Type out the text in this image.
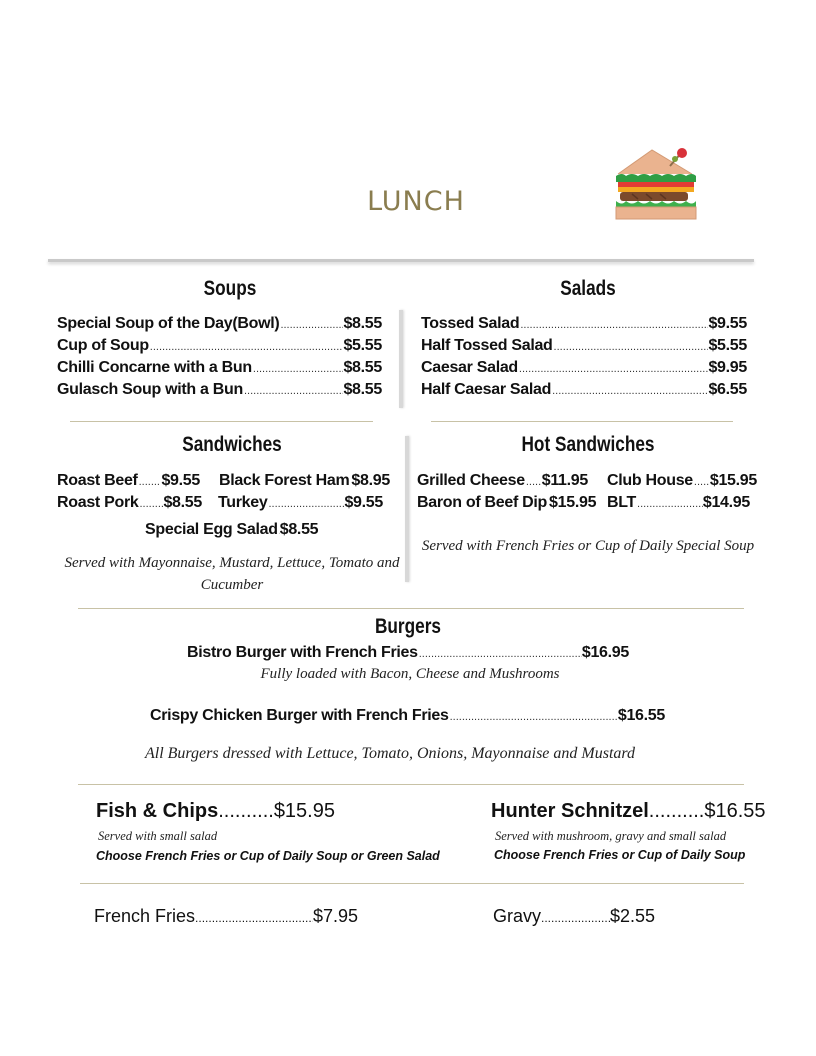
LUNCH
Soups
Special Soup of the Day(Bowl) .....	$8.55
Cup of Soup .....	$5.55
Chilli Concarne with a Bun .....	$8.55
Gulasch Soup with a Bun .....	$8.55
Salads
Tossed Salad .....	$9.55
Half Tossed Salad .....	$5.55
Caesar Salad .....	$9.95
Half Caesar Salad .....	$6.55
Sandwiches
Roast Beef ..... $9.55 Black Forest Ham ..... $8.95
Roast Pork ..... $8.55 Turkey .....	$9.55
Special Egg Salad ..... $8.55
Served with Mayonnaise, Mustard, Lettuce, Tomato and Cucumber
Hot Sandwiches
Grilled Cheese ..... $11.95 Club House ..... $15.95
Baron of Beef Dip ..... $15.95 BLT .....	$14.95
Served with French Fries or Cup of Daily Special Soup
Burgers
Bistro Burger with French Fries .....	$16.95
Fully loaded with Bacon, Cheese and Mushrooms
Crispy Chicken Burger with French Fries .....	$16.55
All Burgers dressed with Lettuce, Tomato, Onions, Mayonnaise and Mustard
Fish & Chips .......... $15.95
Served with small salad
Choose French Fries or Cup of Daily Soup or Green Salad
Hunter Schnitzel .......... $16.55
Served with mushroom, gravy and small salad
Choose French Fries or Cup of Daily Soup
French Fries .....	$7.95	Gravy .....	$2.55
